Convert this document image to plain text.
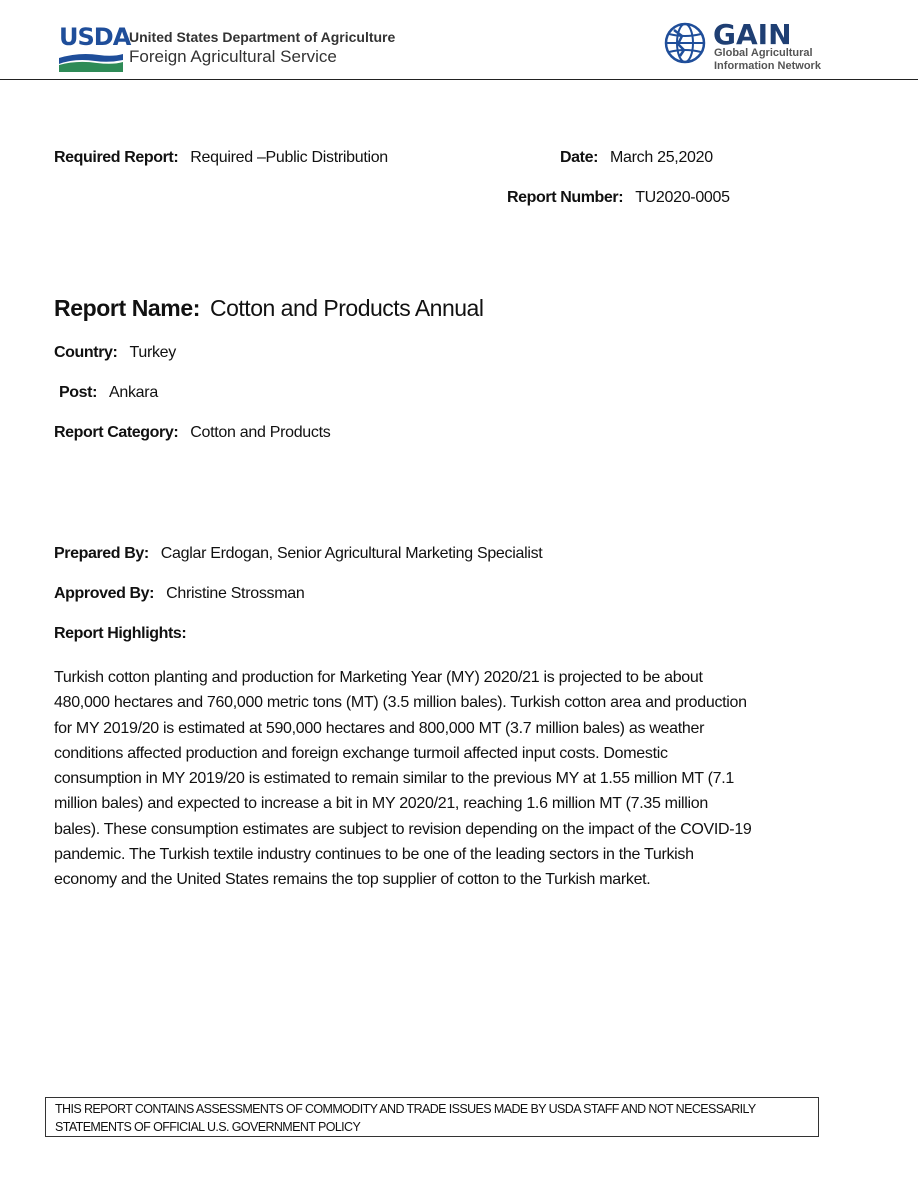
USDA
United States Department of Agriculture
Foreign Agricultural Service
GAIN
Global Agricultural
Information Network
Required Report: Required –Public Distribution	Date: March 25,2020
Report Number: TU2020-0005
Report Name: Cotton and Products Annual
Country: Turkey
Post: Ankara
Report Category: Cotton and Products
Prepared By: Caglar Erdogan, Senior Agricultural Marketing Specialist
Approved By: Christine Strossman
Report Highlights:
Turkish cotton planting and production for Marketing Year (MY) 2020/21 is projected to be about
480,000 hectares and 760,000 metric tons (MT) (3.5 million bales). Turkish cotton area and production
for MY 2019/20 is estimated at 590,000 hectares and 800,000 MT (3.7 million bales) as weather
conditions affected production and foreign exchange turmoil affected input costs. Domestic
consumption in MY 2019/20 is estimated to remain similar to the previous MY at 1.55 million MT (7.1
million bales) and expected to increase a bit in MY 2020/21, reaching 1.6 million MT (7.35 million
bales). These consumption estimates are subject to revision depending on the impact of the COVID-19
pandemic. The Turkish textile industry continues to be one of the leading sectors in the Turkish
economy and the United States remains the top supplier of cotton to the Turkish market.
THIS REPORT CONTAINS ASSESSMENTS OF COMMODITY AND TRADE ISSUES MADE BY USDA STAFF AND NOT NECESSARILY
STATEMENTS OF OFFICIAL U.S. GOVERNMENT POLICY
